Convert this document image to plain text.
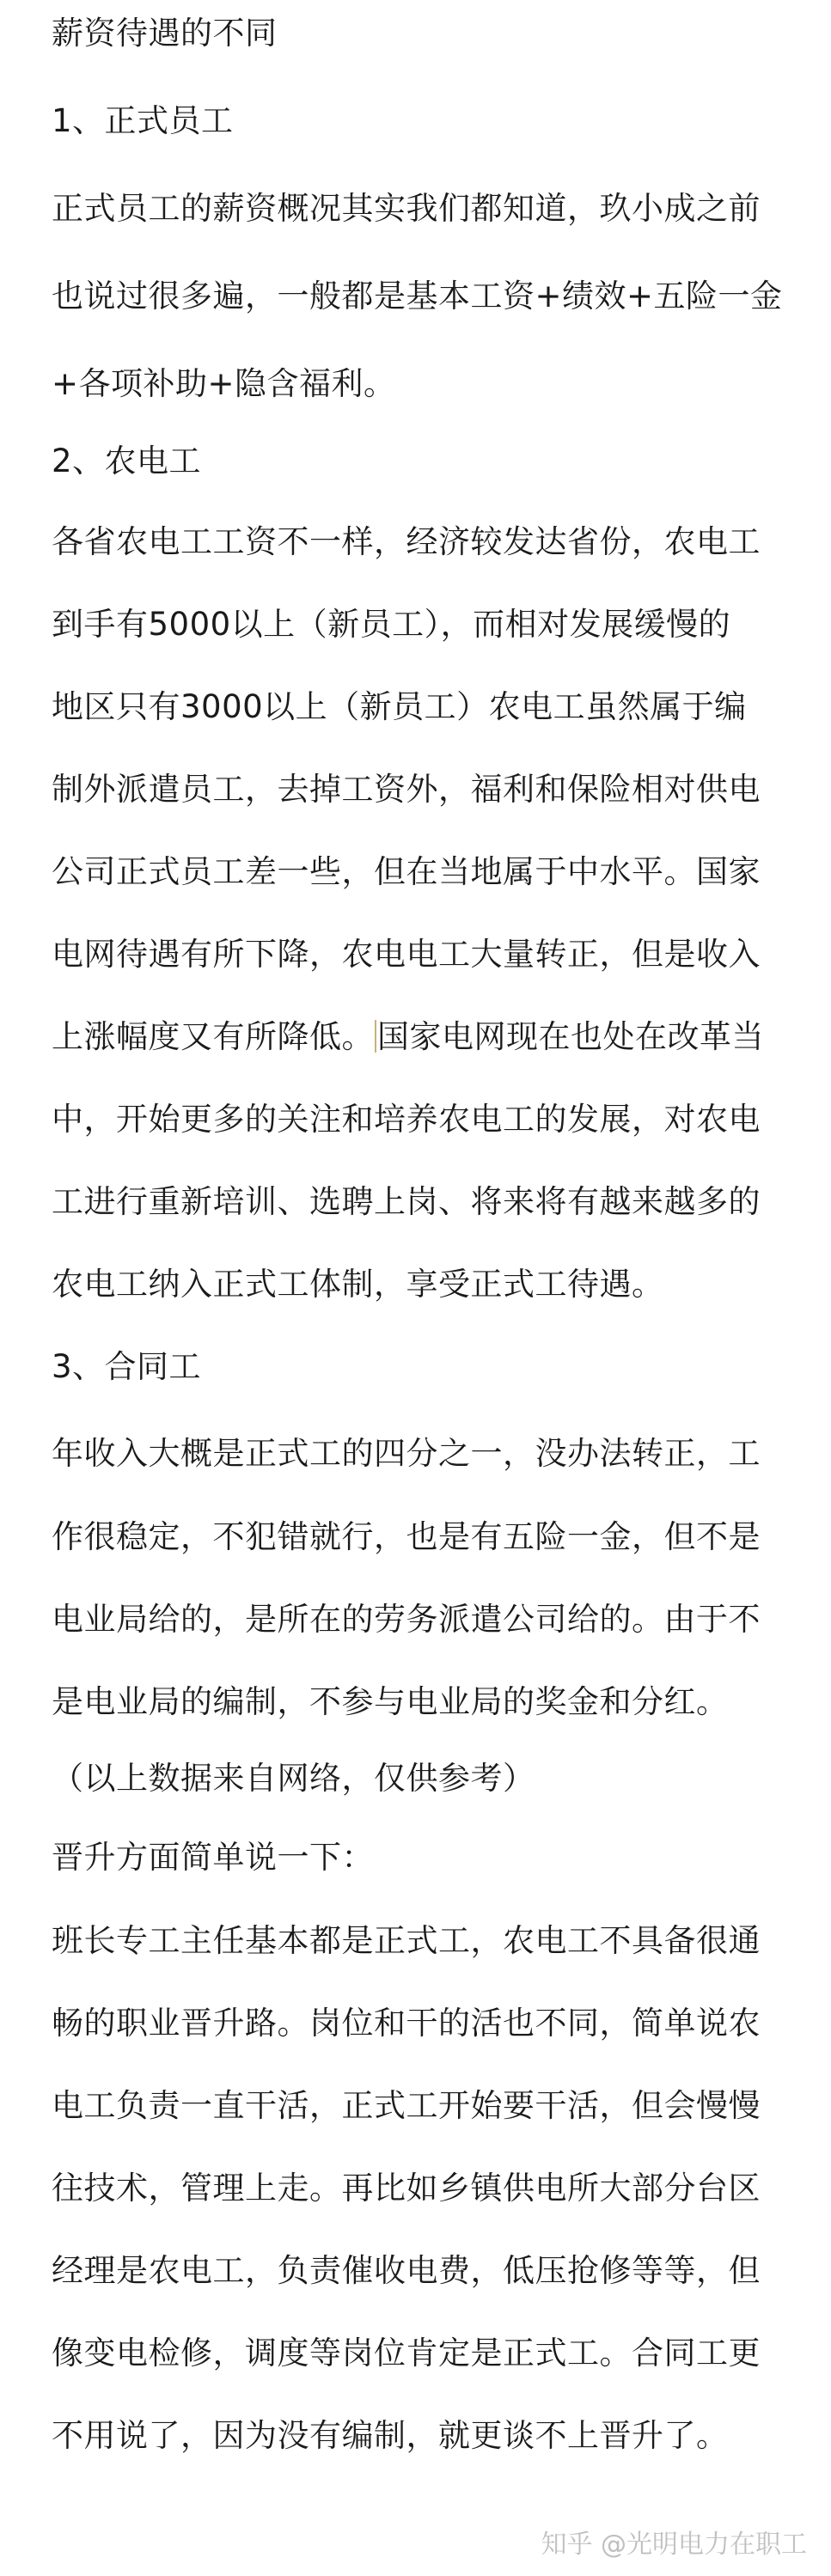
薪资待遇的不同
1、正式员工
正式员工的薪资概况其实我们都知道，玖小成之前
也说过很多遍，一般都是基本工资+绩效+五险一金
+各项补助+隐含福利。
2、农电工
各省农电工工资不一样，经济较发达省份，农电工
到手有5000以上（新员工），而相对发展缓慢的
地区只有3000以上（新员工）农电工虽然属于编
制外派遣员工，去掉工资外，福利和保险相对供电
公司正式员工差一些，但在当地属于中水平。国家
电网待遇有所下降，农电电工大量转正，但是收入
上涨幅度又有所降低。 国家电网现在也处在改革当
中，开始更多的关注和培养农电工的发展，对农电
工进行重新培训、选聘上岗、将来将有越来越多的
农电工纳入正式工体制，享受正式工待遇。
3、合同工
年收入大概是正式工的四分之一，没办法转正，工
作很稳定，不犯错就行，也是有五险一金，但不是
电业局给的，是所在的劳务派遣公司给的。由于不
是电业局的编制，不参与电业局的奖金和分红。
（以上数据来自网络，仅供参考）
晋升方面简单说一下：
班长专工主任基本都是正式工，农电工不具备很通
畅的职业晋升路。岗位和干的活也不同，简单说农
电工负责一直干活，正式工开始要干活，但会慢慢
往技术，管理上走。再比如乡镇供电所大部分台区
经理是农电工，负责催收电费，低压抢修等等，但
像变电检修，调度等岗位肯定是正式工。合同工更
不用说了，因为没有编制，就更谈不上晋升了。
知乎 @光明电力在职工
